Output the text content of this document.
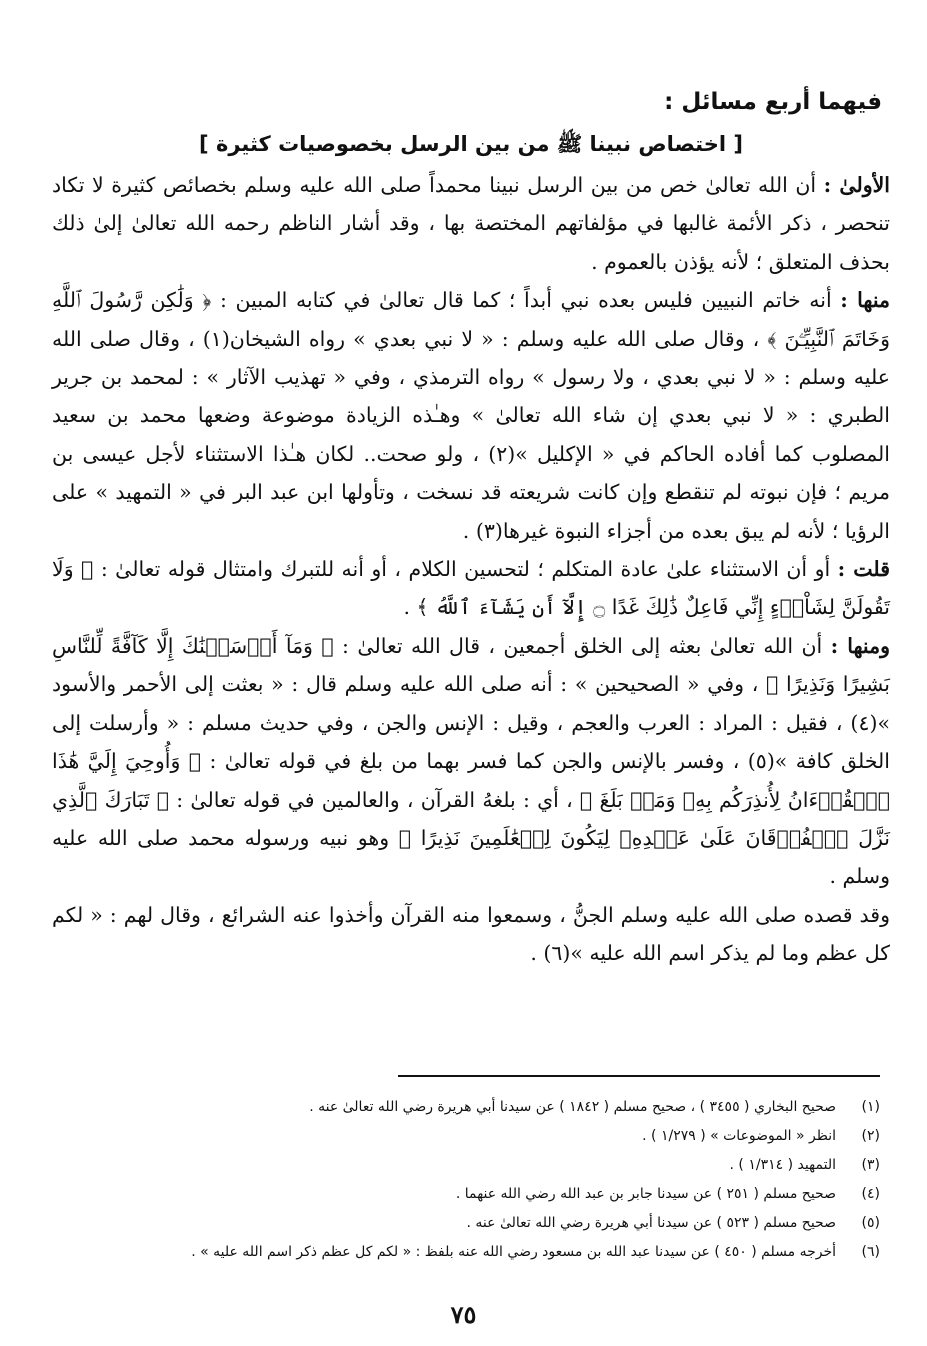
فيهما أربع مسائل :
[ اختصاص نبينا ﷺ من بين الرسل بخصوصيات كثيرة ]

الأولىٰ : أن الله تعالىٰ خص من بين الرسل نبينا محمداً صلى الله عليه وسلم بخصائص كثيرة لا تكاد تنحصر ، ذكر الأئمة غالبها في مؤلفاتهم المختصة بها ، وقد أشار الناظم رحمه الله تعالىٰ إلىٰ ذلك بحذف المتعلق ؛ لأنه يؤذن بالعموم .

منها : أنه خاتم النبيين فليس بعده نبي أبداً ؛ كما قال تعالىٰ في كتابه المبين : ﴿ وَلَٰكِن رَّسُولَ ٱللَّهِ وَخَاتَمَ ٱلنَّبِيِّـۧنَ ﴾ ، وقال صلى الله عليه وسلم : « لا نبي بعدي » رواه الشيخان(١) ، وقال صلى الله عليه وسلم : « لا نبي بعدي ، ولا رسول » رواه الترمذي ، وفي « تهذيب الآثار » : لمحمد بن جرير الطبري : « لا نبي بعدي إن شاء الله تعالىٰ » وهـٰذه الزيادة موضوعة وضعها محمد بن سعيد المصلوب كما أفاده الحاكم في « الإكليل »(٢) ، ولو صحت.. لكان هـٰذا الاستثناء لأجل عيسى بن مريم ؛ فإن نبوته لم تنقطع وإن كانت شريعته قد نسخت ، وتأولها ابن عبد البر في « التمهيد » على الرؤيا ؛ لأنه لم يبق بعده من أجزاء النبوة غيرها(٣) .

قلت : أو أن الاستثناء علىٰ عادة المتكلم ؛ لتحسين الكلام ، أو أنه للتبرك وامتثال قوله تعالىٰ : ﴿ وَلَا تَقُولَنَّ لِشَاْىۡءٍ إِنِّي فَاعِلٌ ذَٰلِكَ غَدًا ۝ إِلَّآ أَن يَشَآءَ ٱللَّهُ ﴾ .

ومنها : أن الله تعالىٰ بعثه إلى الخلق أجمعين ، قال الله تعالىٰ : ﴿ وَمَآ أَرۡسَلۡنَٰكَ إِلَّا كَآفَّةً لِّلنَّاسِ بَشِيرًا وَنَذِيرًا ﴾ ، وفي « الصحيحين » : أنه صلى الله عليه وسلم قال : « بعثت إلى الأحمر والأسود »(٤) ، فقيل : المراد : العرب والعجم ، وقيل : الإنس والجن ، وفي حديث مسلم : « وأرسلت إلى الخلق كافة »(٥) ، وفسر بالإنس والجن كما فسر بهما من بلغ في قوله تعالىٰ : ﴿ وَأُوحِيَ إِلَيَّ هَٰذَا ٱلۡقُرۡءَانُ لِأُنذِرَكُم بِهِۦ وَمَنۢ بَلَغَ ﴾ ، أي : بلغهُ القرآن ، والعالمين في قوله تعالىٰ : ﴿ تَبَارَكَ ٱلَّذِي نَزَّلَ ٱلۡفُرۡقَانَ عَلَىٰ عَبۡدِهِۦ لِيَكُونَ لِلۡعَٰلَمِينَ نَذِيرًا ﴾ وهو نبيه ورسوله محمد صلى الله عليه وسلم .

وقد قصده صلى الله عليه وسلم الجنُّ ، وسمعوا منه القرآن وأخذوا عنه الشرائع ، وقال لهم : « لكم كل عظم وما لم يذكر اسم الله عليه »(٦) .

(١)
صحيح البخاري ( ٣٤٥٥ ) ، صحيح مسلم ( ١٨٤٢ ) عن سيدنا أبي هريرة رضي الله تعالىٰ عنه .
(٢)
انظر « الموضوعات » ( ١/٢٧٩ ) .
(٣)
التمهيد ( ١/٣١٤ ) .
(٤)
صحيح مسلم ( ٢٥١ ) عن سيدنا جابر بن عبد الله رضي الله عنهما .
(٥)
صحيح مسلم ( ٥٢٣ ) عن سيدنا أبي هريرة رضي الله تعالىٰ عنه .
(٦)
أخرجه مسلم ( ٤٥٠ ) عن سيدنا عبد الله بن مسعود رضي الله عنه بلفظ : « لكم كل عظم ذكر اسم الله عليه » .
٧٥
